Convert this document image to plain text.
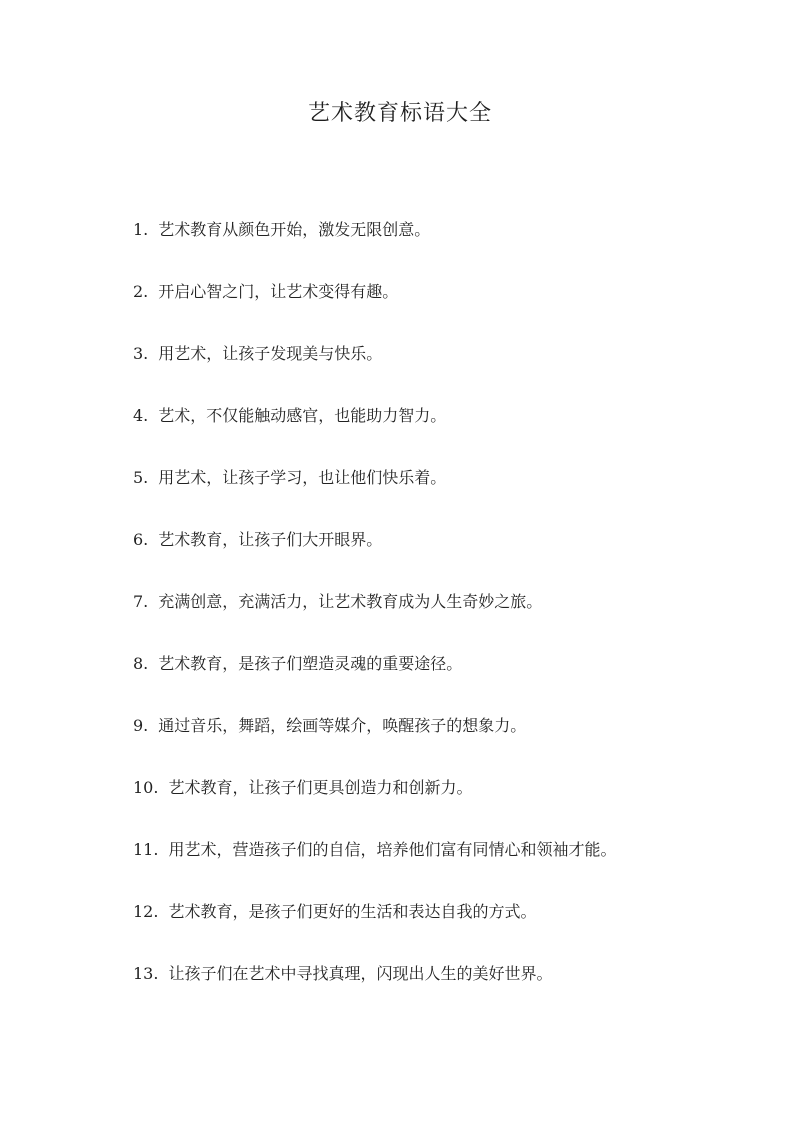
艺术教育标语大全
1. 艺术教育从颜色开始，激发无限创意。
2. 开启心智之门，让艺术变得有趣。
3. 用艺术，让孩子发现美与快乐。
4. 艺术，不仅能触动感官，也能助力智力。
5. 用艺术，让孩子学习，也让他们快乐着。
6. 艺术教育，让孩子们大开眼界。
7. 充满创意，充满活力，让艺术教育成为人生奇妙之旅。
8. 艺术教育，是孩子们塑造灵魂的重要途径。
9. 通过音乐，舞蹈，绘画等媒介，唤醒孩子的想象力。
10. 艺术教育，让孩子们更具创造力和创新力。
11. 用艺术，营造孩子们的自信，培养他们富有同情心和领袖才能。
12. 艺术教育，是孩子们更好的生活和表达自我的方式。
13. 让孩子们在艺术中寻找真理，闪现出人生的美好世界。
